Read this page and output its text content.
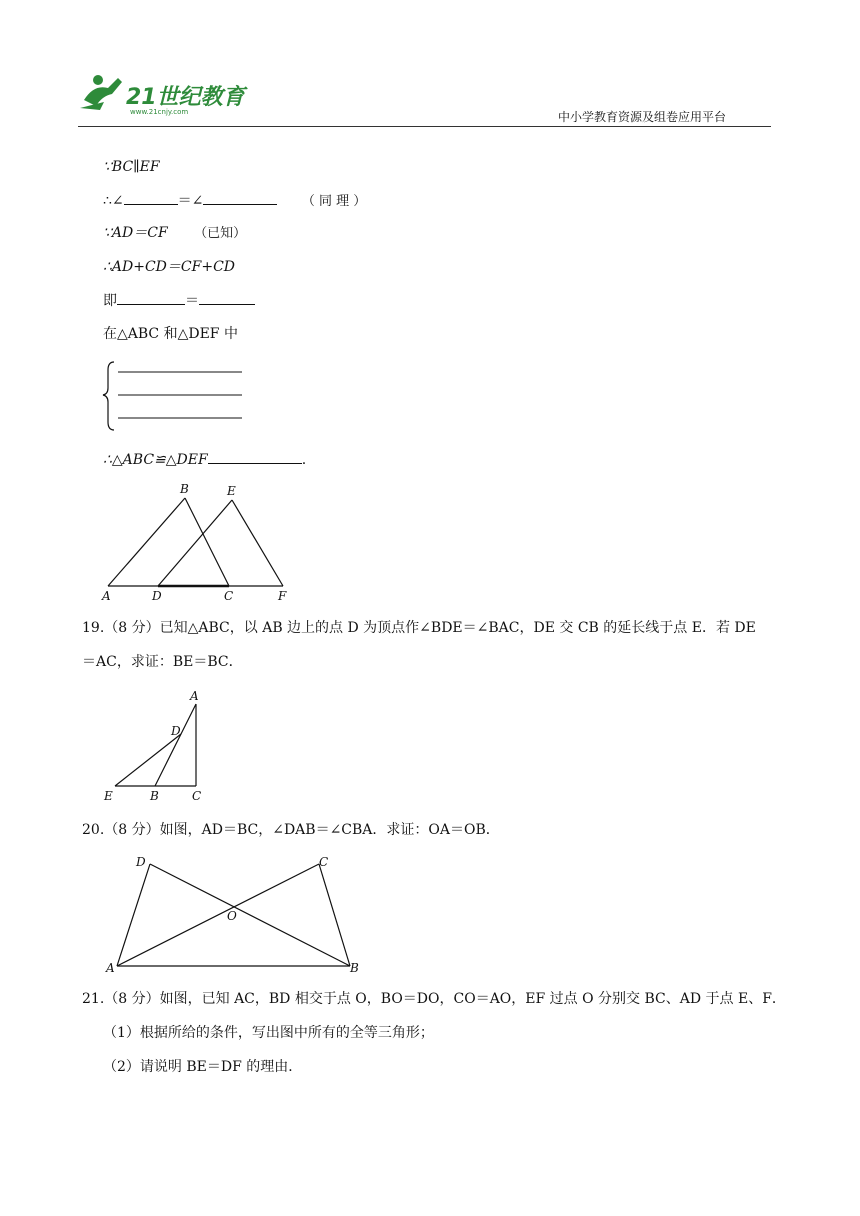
21世纪教育
www.21cnjy.com	中小学教育资源及组卷应用平台
∵BC∥EF
∴∠	＝∠	（ 同 理 ）
∵AD＝CF （已知）
∴AD+CD＝CF+CD
即	＝
在△ABC 和△DEF 中
∴△ABC≌△DEF	.
A
B
C
D
E
F
19.（8 分）已知△ABC，以 AB 边上的点 D 为顶点作∠BDE＝∠BAC，DE 交 CB 的延长线于点 E．若 DE
＝AC，求证：BE＝BC．
A
D
E	B	C
20.（8 分）如图，AD＝BC，∠DAB＝∠CBA．求证：OA＝OB．
D	C
O
A	B
21.（8 分）如图，已知 AC，BD 相交于点 O，BO＝DO，CO＝AO，EF 过点 O 分别交 BC、AD 于点 E、F．
（1）根据所给的条件，写出图中所有的全等三角形；
（2）请说明 BE＝DF 的理由．
